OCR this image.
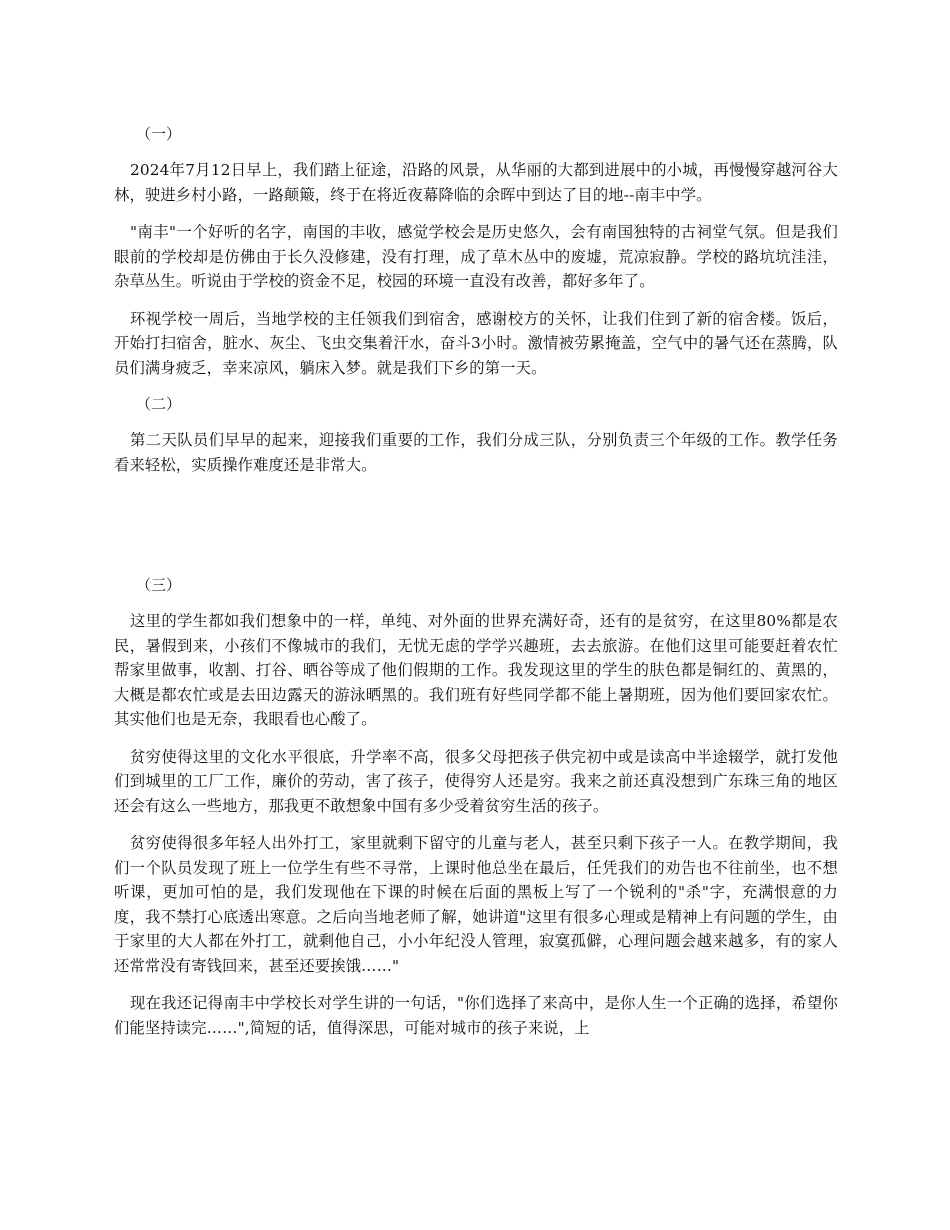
（一）

2024年7月12日早上，我们踏上征途，沿路的风景，从华丽的大都到进展中的小城，再慢慢穿越河谷大林，驶进乡村小路，一路颠簸，终于在将近夜幕降临的余晖中到达了目的地--南丰中学。

"南丰"一个好听的名字，南国的丰收，感觉学校会是历史悠久，会有南国独特的古祠堂气氛。但是我们眼前的学校却是仿佛由于长久没修建，没有打理，成了草木丛中的废墟，荒凉寂静。学校的路坑坑洼洼，杂草丛生。听说由于学校的资金不足，校园的环境一直没有改善，都好多年了。

环视学校一周后，当地学校的主任领我们到宿舍，感谢校方的关怀，让我们住到了新的宿舍楼。饭后，开始打扫宿舍，脏水、灰尘、飞虫交集着汗水，奋斗3小时。激情被劳累掩盖，空气中的暑气还在蒸腾，队员们满身疲乏，幸来凉风，躺床入梦。就是我们下乡的第一天。

（二）

第二天队员们早早的起来，迎接我们重要的工作，我们分成三队，分别负责三个年级的工作。教学任务看来轻松，实质操作难度还是非常大。

（三）

这里的学生都如我们想象中的一样，单纯、对外面的世界充满好奇，还有的是贫穷，在这里80%都是农民，暑假到来，小孩们不像城市的我们，无忧无虑的学学兴趣班，去去旅游。在他们这里可能要赶着农忙帮家里做事，收割、打谷、晒谷等成了他们假期的工作。我发现这里的学生的肤色都是铜红的、黄黑的，大概是都农忙或是去田边露天的游泳晒黑的。我们班有好些同学都不能上暑期班，因为他们要回家农忙。其实他们也是无奈，我眼看也心酸了。

贫穷使得这里的文化水平很底，升学率不高，很多父母把孩子供完初中或是读高中半途辍学，就打发他们到城里的工厂工作，廉价的劳动，害了孩子，使得穷人还是穷。我来之前还真没想到广东珠三角的地区还会有这么一些地方，那我更不敢想象中国有多少受着贫穷生活的孩子。

贫穷使得很多年轻人出外打工，家里就剩下留守的儿童与老人，甚至只剩下孩子一人。在教学期间，我们一个队员发现了班上一位学生有些不寻常，上课时他总坐在最后，任凭我们的劝告也不往前坐，也不想听课，更加可怕的是，我们发现他在下课的时候在后面的黑板上写了一个锐利的"杀"字，充满恨意的力度，我不禁打心底透出寒意。之后向当地老师了解，她讲道"这里有很多心理或是精神上有问题的学生，由于家里的大人都在外打工，就剩他自己，小小年纪没人管理，寂寞孤僻，心理问题会越来越多，有的家人还常常没有寄钱回来，甚至还要挨饿……"

现在我还记得南丰中学校长对学生讲的一句话，"你们选择了来高中，是你人生一个正确的选择，希望你们能坚持读完……",简短的话，值得深思，可能对城市的孩子来说，上
